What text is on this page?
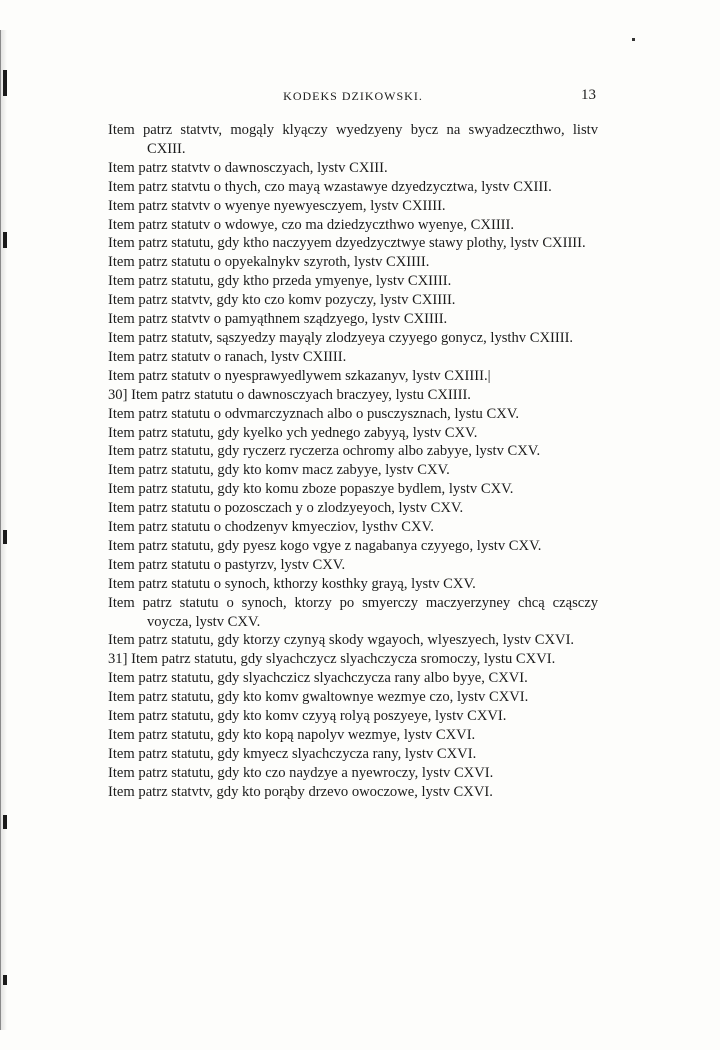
KODEKS DZIKOWSKI.	13
Item patrz statvtv, mogąly klyączy wyedzyeny bycz na swyadzeczthwo, listv CXIII.
Item patrz statvtv o dawnosczyach, lystv CXIII.
Item patrz statvtu o thych, czo mayą wzastawye dzyedzycztwa, lystv CXIII.
Item patrz statvtv o wyenye nyewyesczyem, lystv CXIIII.
Item patrz statutv o wdowye, czo ma dziedzyczthwo wyenye, CXIIII.
Item patrz statutu, gdy ktho naczyyem dzyedzycztwye stawy plothy, lystv CXIIII.
Item patrz statutu o opyekalnykv szyroth, lystv CXIIII.
Item patrz statutu, gdy ktho przeda ymyenye, lystv CXIIII.
Item patrz statvtv, gdy kto czo komv pozyczy, lystv CXIIII.
Item patrz statvtv o pamyąthnem sządzyego, lystv CXIIII.
Item patrz statutv, sąszyedzy mayąly zlodzyeya czyyego gonycz, lysthv CXIIII.
Item patrz statutv o ranach, lystv CXIIII.
Item patrz statutv o nyesprawyedlywem szkazanyv, lystv CXIIII.|
30] Item patrz statutu o dawnosczyach braczyey, lystu CXIIII.
Item patrz statutu o odvmarczyznach albo o pusczysznach, lystu CXV.
Item patrz statutu, gdy kyelko ych yednego zabyyą, lystv CXV.
Item patrz statutu, gdy ryczerz ryczerza ochromy albo zabyye, lystv CXV.
Item patrz statutu, gdy kto komv macz zabyye, lystv CXV.
Item patrz statutu, gdy kto komu zboze popaszye bydlem, lystv CXV.
Item patrz statutu o pozosczach y o zlodzyeyoch, lystv CXV.
Item patrz statutu o chodzenyv kmyecziov, lysthv CXV.
Item patrz statutu, gdy pyesz kogo vgye z nagabanya czyyego, lystv CXV.
Item patrz statutu o pastyrzv, lystv CXV.
Item patrz statutu o synoch, kthorzy kosthky grayą, lystv CXV.
Item patrz statutu o synoch, ktorzy po smyerczy maczyerzyney chcą cząsczy voycza, lystv CXV.
Item patrz statutu, gdy ktorzy czynyą skody wgayoch, wlyeszyech, lystv CXVI.
31] Item patrz statutu, gdy slyachczycz slyachczycza sromoczy, lystu CXVI.
Item patrz statutu, gdy slyachczicz slyachczycza rany albo byye, CXVI.
Item patrz statutu, gdy kto komv gwaltownye wezmye czo, lystv CXVI.
Item patrz statutu, gdy kto komv czyyą rolyą poszyeye, lystv CXVI.
Item patrz statutu, gdy kto kopą napolyv wezmye, lystv CXVI.
Item patrz statutu, gdy kmyecz slyachczycza rany, lystv CXVI.
Item patrz statutu, gdy kto czo naydzye a nyewroczy, lystv CXVI.
Item patrz statvtv, gdy kto porąby drzevo owoczowe, lystv CXVI.
